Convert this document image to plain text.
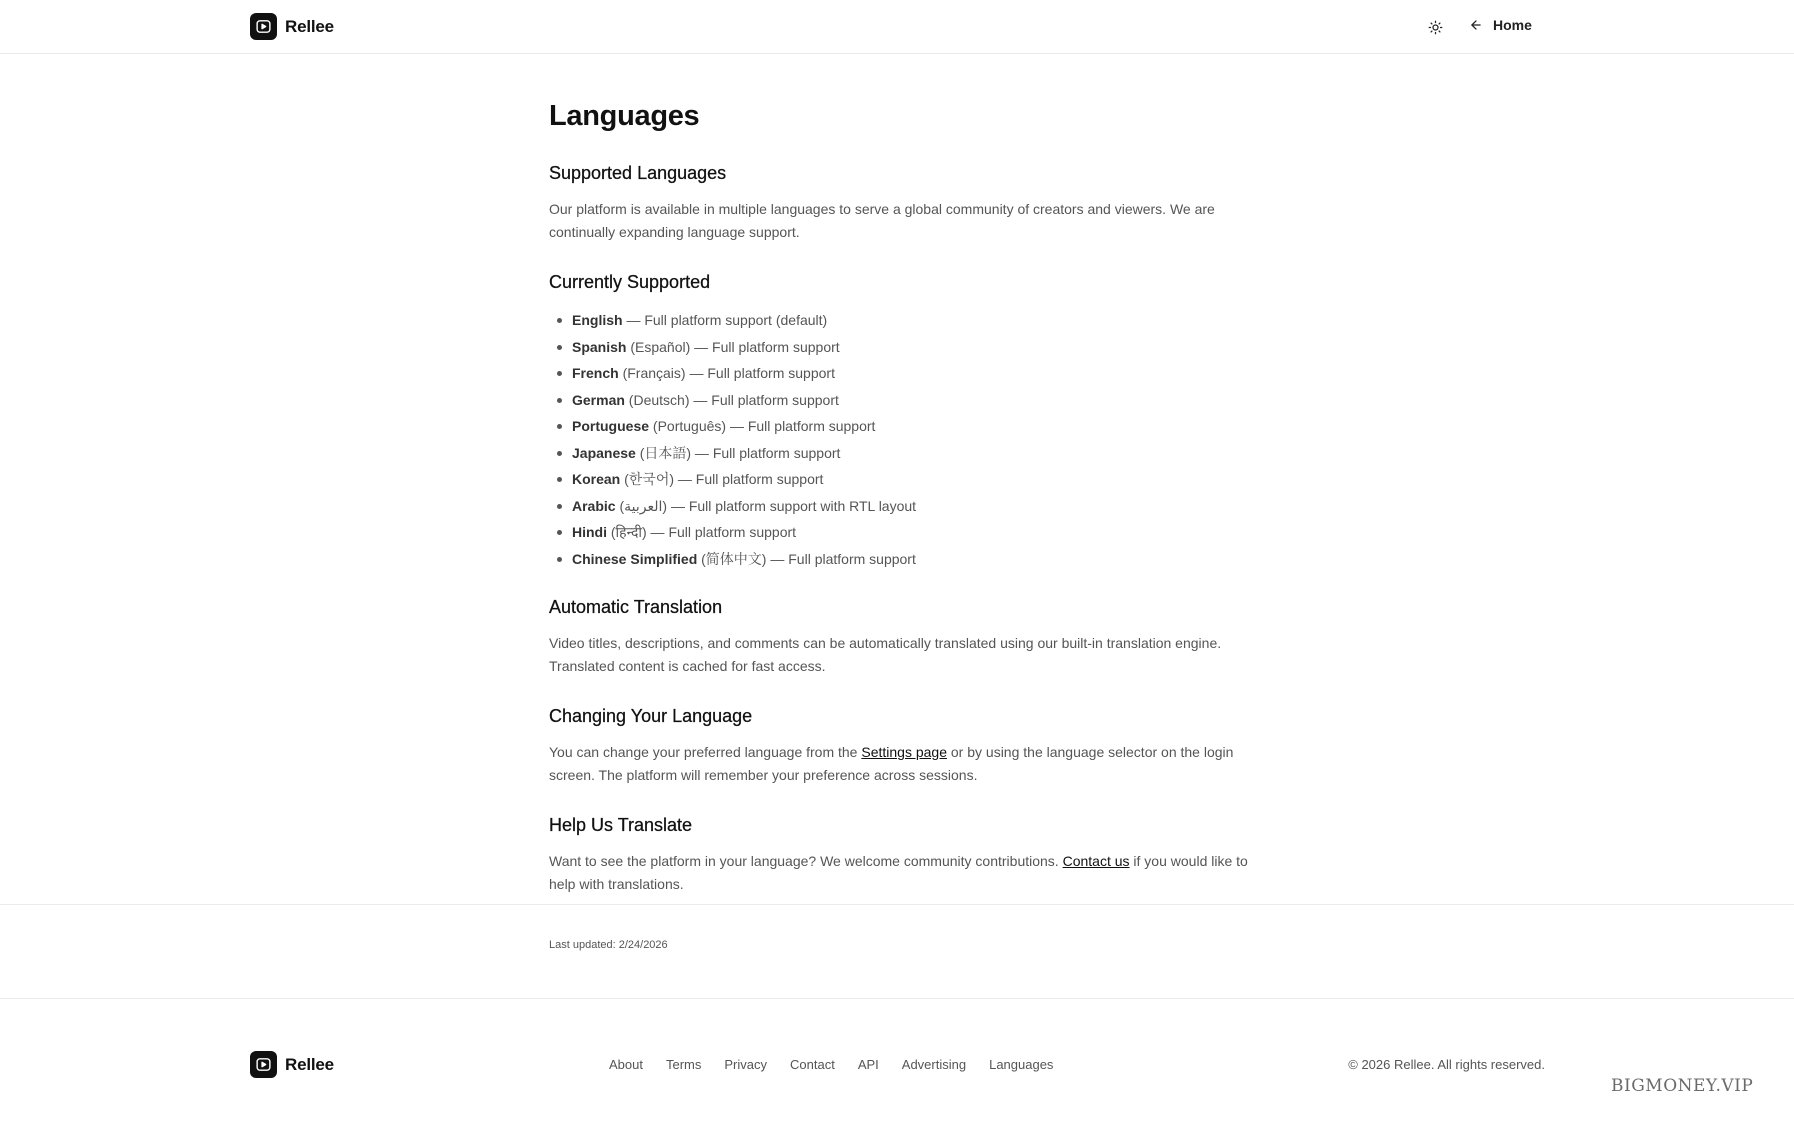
Rellee	Home
Languages
Supported Languages

Our platform is available in multiple languages to serve a global community of creators and viewers. We are continually expanding language support.

Currently Supported
English — Full platform support (default)
Spanish (Español) — Full platform support
French (Français) — Full platform support
German (Deutsch) — Full platform support
Portuguese (Português) — Full platform support
Japanese (日本語) — Full platform support
Korean (한국어) — Full platform support
Arabic (العربية) — Full platform support with RTL layout
Hindi (हिन्दी) — Full platform support
Chinese Simplified (简体中文) — Full platform support
Automatic Translation

Video titles, descriptions, and comments can be automatically translated using our built-in translation engine. Translated content is cached for fast access.

Changing Your Language

You can change your preferred language from the Settings page or by using the language selector on the login screen. The platform will remember your preference across sessions.

Help Us Translate

Want to see the platform in your language? We welcome community contributions. Contact us if you would like to help with translations.

Last updated: 2/24/2026
Rellee	About Terms Privacy Contact API Advertising Languages	© 2026 Rellee. All rights reserved.
BIGMONEY.VIP
